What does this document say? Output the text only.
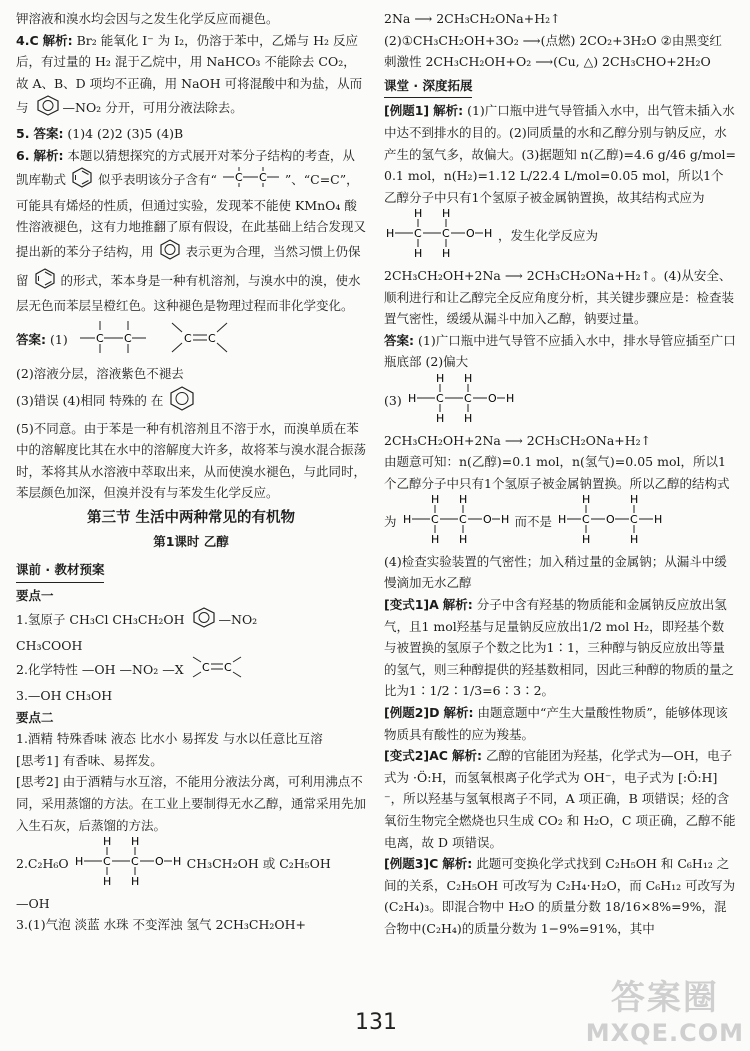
钾溶液和溴水均会因与之发生化学反应而褪色。

4.C 解析: Br₂ 能氧化 I⁻ 为 I₂，仍溶于苯中，乙烯与 H₂ 反应后，有过量的 H₂ 混于乙烷中，用 NaHCO₃ 不能除去 CO₂，故 A、B、D 项均不正确，用 NaOH 可将混酸中和为盐，从而与	—NO₂ 分开，可用分液法除去。

5. 答案: (1)4 (2)2 (3)5 (4)B

6. 解析: 本题以猜想探究的方式展开对苯分子结构的考查，从凯库勒式	似乎表明该分子含有“ C C ”、“C=C”，可能具有烯烃的性质，但通过实验，发现苯不能使 KMnO₄ 酸性溶液褪色，这有力地推翻了原有假设，在此基础上结合发现又提出新的苯分子结构，用	表示更为合理，当然习惯上仍保留	的形式，苯本身是一种有机溶剂，与溴水中的溴，使水层无色而苯层呈橙红色。这种褪色是物理过程而非化学变化。

答案: (1)	C C	C C

(2)溶液分层，溶液紫色不褪去

(3)错误 (4)相同 特殊的 在

(5)不同意。由于苯是一种有机溶剂且不溶于水，而溴单质在苯中的溶解度比其在水中的溶解度大许多，故将苯与溴水混合振荡时，苯将其从水溶液中萃取出来，从而使溴水褪色，与此同时，苯层颜色加深，但溴并没有与苯发生化学反应。

第三节 生活中两种常见的有机物
第1课时 乙醇
课前 · 教材预案

要点一

1.氢原子 CH₃Cl CH₃CH₂OH	—NO₂

CH₃COOH

2.化学特性 —OH —NO₂ —X C C

3.—OH CH₃OH

要点二

1.酒精 特殊香味 液态 比水小 易挥发 与水以任意比互溶

[思考1] 有香味、易挥发。

[思考2] 由于酒精与水互溶，不能用分液法分离，可利用沸点不同，采用蒸馏的方法。在工业上要制得无水乙醇，通常采用先加入生石灰，后蒸馏的方法。

2.C₂H₆O H C C O H
H H
H H
CH₃CH₂OH 或 C₂H₅OH

—OH

3.(1)气泡 淡蓝 水珠 不变浑浊 氢气 2CH₃CH₂OH+

2Na ⟶ 2CH₃CH₂ONa+H₂↑

(2)①CH₃CH₂OH+3O₂ ⟶(点燃) 2CO₂+3H₂O ②由黑变红 刺激性 2CH₃CH₂OH+O₂ ⟶(Cu, △) 2CH₃CHO+2H₂O

课堂 · 深度拓展

[例题1] 解析: (1)广口瓶中进气导管插入水中，出气管未插入水中达不到排水的目的。(2)同质量的水和乙醇分别与钠反应，水产生的氢气多，故偏大。(3)据题知 n(乙醇)=4.6 g/46 g/mol=0.1 mol，n(H₂)=1.12 L/22.4 L/mol=0.05 mol，所以1个乙醇分子中只有1个氢原子被金属钠置换，故其结构式应为
H C C O H
H H
H H
，发生化学反应为

2CH₃CH₂OH+2Na ⟶ 2CH₃CH₂ONa+H₂↑。(4)从安全、顺利进行和让乙醇完全反应角度分析，其关键步骤应是：检查装置气密性，缓缓从漏斗中加入乙醇，钠要过量。

答案: (1)广口瓶中进气导管不应插入水中，排水导管应插至广口瓶底部 (2)偏大

(3) H C C O H
H H
H H

2CH₃CH₂OH+2Na ⟶ 2CH₃CH₂ONa+H₂↑

由题意可知：n(乙醇)=0.1 mol，n(氢气)=0.05 mol，所以1个乙醇分子中只有1个氢原子被金属钠置换。所以乙醇的结构式为 H C C O H
H H
H H
而不是 H C O C H
H	H
H	H

(4)检查实验装置的气密性；加入稍过量的金属钠；从漏斗中缓慢滴加无水乙醇

[变式1]A 解析: 分子中含有羟基的物质能和金属钠反应放出氢气，且1 mol羟基与足量钠反应放出1/2 mol H₂，即羟基个数与被置换的氢原子个数之比为1∶1，三种醇与钠反应放出等量的氢气，则三种醇提供的羟基数相同，因此三种醇的物质的量之比为1∶1/2∶1/3=6∶3∶2。

[例题2]D 解析: 由题意题中“产生大量酸性物质”，能够体现该物质具有酸性的应为羧基。

[变式2]AC 解析: 乙醇的官能团为羟基，化学式为—OH，电子式为 ·Ö:H，而氢氧根离子化学式为 OH⁻，电子式为 [:Ö:H]⁻，所以羟基与氢氧根离子不同，A 项正确，B 项错误；烃的含氧衍生物完全燃烧也只生成 CO₂ 和 H₂O，C 项正确，乙醇不能电离，故 D 项错误。

[例题3]C 解析: 此题可变换化学式找到 C₂H₅OH 和 C₆H₁₂ 之间的关系，C₂H₅OH 可改写为 C₂H₄·H₂O，而 C₆H₁₂ 可改写为(C₂H₄)₃。即混合物中 H₂O 的质量分数 18/16×8%=9%，混合物中(C₂H₄)的质量分数为 1−9%=91%，其中

131
答案圈
MXQE.COM
